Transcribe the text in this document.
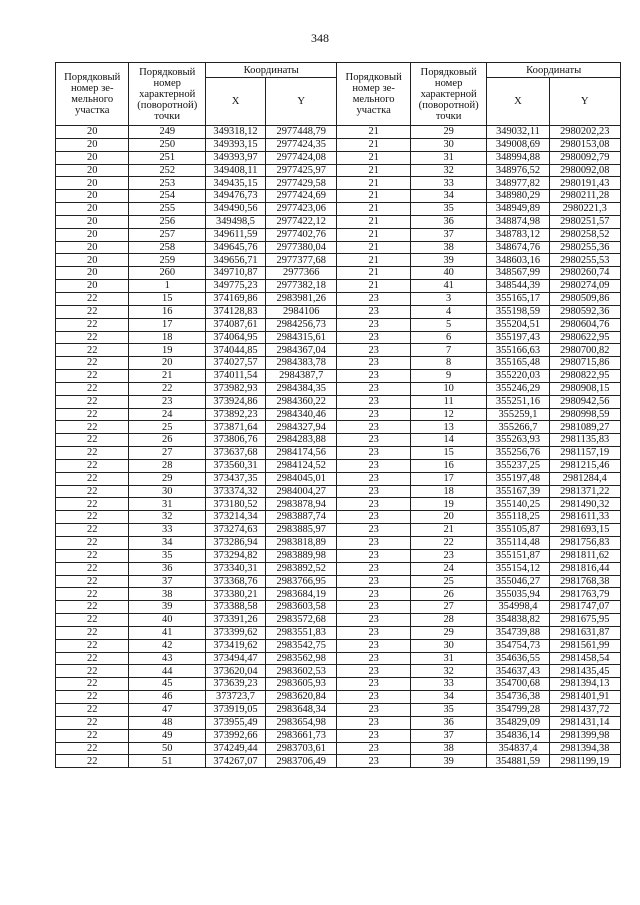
348
Порядковый номер зе-мельного участка	Порядковый номер характерной (поворотной) точки	Координаты		Порядковый номер зе-мельного участка	Порядковый номер характерной (поворотной) точки	Координаты	
		X	Y			X	Y
20	249	349318,12	2977448,79	21	29	349032,11	2980202,23
20	250	349393,15	2977424,35	21	30	349008,69	2980153,08
20	251	349393,97	2977424,08	21	31	348994,88	2980092,79
20	252	349408,11	2977425,97	21	32	348976,52	2980092,08
20	253	349435,15	2977429,58	21	33	348977,82	2980191,43
20	254	349476,73	2977424,69	21	34	348980,29	2980211,28
20	255	349490,56	2977423,06	21	35	348949,89	2980221,3
20	256	349498,5	2977422,12	21	36	348874,98	2980251,57
20	257	349611,59	2977402,76	21	37	348783,12	2980258,52
20	258	349645,76	2977380,04	21	38	348674,76	2980255,36
20	259	349656,71	2977377,68	21	39	348603,16	2980255,53
20	260	349710,87	2977366	21	40	348567,99	2980260,74
20	1	349775,23	2977382,18	21	41	348544,39	2980274,09
22	15	374169,86	2983981,26	23	3	355165,17	2980509,86
22	16	374128,83	2984106	23	4	355198,59	2980592,36
22	17	374087,61	2984256,73	23	5	355204,51	2980604,76
22	18	374064,95	2984315,61	23	6	355197,43	2980622,95
22	19	374044,85	2984367,04	23	7	355166,63	2980700,82
22	20	374027,57	2984383,78	23	8	355165,48	2980715,86
22	21	374011,54	2984387,7	23	9	355220,03	2980822,95
22	22	373982,93	2984384,35	23	10	355246,29	2980908,15
22	23	373924,86	2984360,22	23	11	355251,16	2980942,56
22	24	373892,23	2984340,46	23	12	355259,1	2980998,59
22	25	373871,64	2984327,94	23	13	355266,7	2981089,27
22	26	373806,76	2984283,88	23	14	355263,93	2981135,83
22	27	373637,68	2984174,56	23	15	355256,76	2981157,19
22	28	373560,31	2984124,52	23	16	355237,25	2981215,46
22	29	373437,35	2984045,01	23	17	355197,48	2981284,4
22	30	373374,32	2984004,27	23	18	355167,39	2981371,22
22	31	373180,52	2983878,94	23	19	355140,25	2981490,32
22	32	373214,34	2983887,74	23	20	355118,25	2981611,33
22	33	373274,63	2983885,97	23	21	355105,87	2981693,15
22	34	373286,94	2983818,89	23	22	355114,48	2981756,83
22	35	373294,82	2983889,98	23	23	355151,87	2981811,62
22	36	373340,31	2983892,52	23	24	355154,12	2981816,44
22	37	373368,76	2983766,95	23	25	355046,27	2981768,38
22	38	373380,21	2983684,19	23	26	355035,94	2981763,79
22	39	373388,58	2983603,58	23	27	354998,4	2981747,07
22	40	373391,26	2983572,68	23	28	354838,82	2981675,95
22	41	373399,62	2983551,83	23	29	354739,88	2981631,87
22	42	373419,62	2983542,75	23	30	354754,73	2981561,99
22	43	373494,47	2983562,98	23	31	354636,55	2981458,54
22	44	373620,04	2983602,53	23	32	354637,43	2981435,45
22	45	373639,23	2983605,93	23	33	354700,68	2981394,13
22	46	373723,7	2983620,84	23	34	354736,38	2981401,91
22	47	373919,05	2983648,34	23	35	354799,28	2981437,72
22	48	373955,49	2983654,98	23	36	354829,09	2981431,14
22	49	373992,66	2983661,73	23	37	354836,14	2981399,98
22	50	374249,44	2983703,61	23	38	354837,4	2981394,38
22	51	374267,07	2983706,49	23	39	354881,59	2981199,19
